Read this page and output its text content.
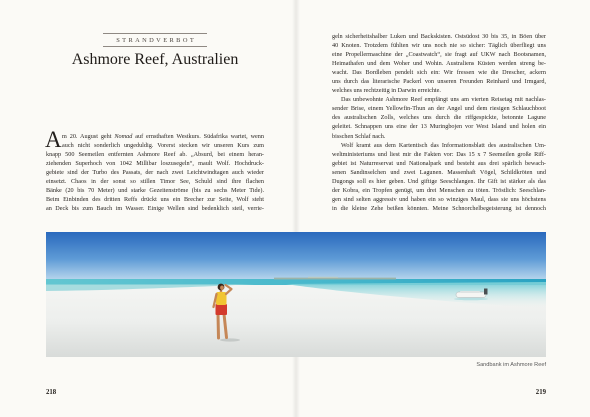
STRANDVERBOT
Ashmore Reef, Australien
A m 20. August geht Nomad auf ernsthaften Westkurs. Südafrika wartet, wenn
auch nicht sonderlich ungeduldig. Vorerst stecken wir unseren Kurs zum
knapp 500 Seemeilen entfernten Ashmore Reef ab. „Absurd, bei einem heran-
ziehenden Superhoch von 1042 Millibar loszusegeln“, mault Wolf. Hochdruck-
gebiete sind der Turbo des Passats, der nach zwei Leichtwindtagen auch wieder
einsetzt. Chaos in der sonst so stillen Timor See, Schuld sind ihre flachen
Bänke (20 bis 70 Meter) und starke Gezeitenströme (bis zu sechs Meter Tide).
Beim Einbinden des dritten Reffs drückt uns ein Brecher zur Seite, Wolf steht
an Deck bis zum Bauch im Wasser. Einige Wellen sind bedenklich steil, verrie-
218	219
geln sicherheitshalber Luken und Backskisten. Ostsüdost 30 bis 35, in Böen über
40 Knoten. Trotzdem fühlten wir uns noch nie so sicher: Täglich überfliegt uns
eine Propellermaschine der „Coastwatch“, sie fragt auf UKW nach Bootsnamen,
Heimathafen und dem Woher und Wohin. Australiens Küsten werden streng be-
wacht. Das Bordleben pendelt sich ein: Wir fressen wie die Drescher, ackern
uns durch das literarische Packerl von unseren Freunden Reinhard und Irmgard,
welches uns rechtzeitig in Darwin erreichte.
Das unbewohnte Ashmore Reef empfängt uns am vierten Reisetag mit nachlas-
sender Brise, einem Yellowfin-Thun an der Angel und dem riesigen Schlauchboot
des australischen Zolls, welches uns durch die riffgespickte, betonnte Lagune
geleitet. Schnappen uns eine der 13 Muringbojen vor West Island und holen ein
bisschen Schlaf nach.
Wolf kramt aus dem Kartentisch das Informationsblatt des australischen Um-
weltministeriums und liest mir die Fakten vor: Das 15 x 7 Seemeilen große Riff-
gebiet ist Naturreservat und Nationalpark und besteht aus drei spärlich bewach-
senen Sandinselchen und zwei Lagunen. Massenhaft Vögel, Schildkröten und
Dugongs soll es hier geben. Und giftige Seeschlangen. Ihr Gift ist stärker als das
der Kobra, ein Tropfen genügt, um drei Menschen zu töten. Tröstlich: Seeschlan-
gen sind selten aggressiv und haben ein so winziges Maul, dass sie uns höchstens
in die kleine Zehe beißen könnten. Meine Schnorchelbegeisterung ist dennoch
Sandbank im Ashmore Reef
